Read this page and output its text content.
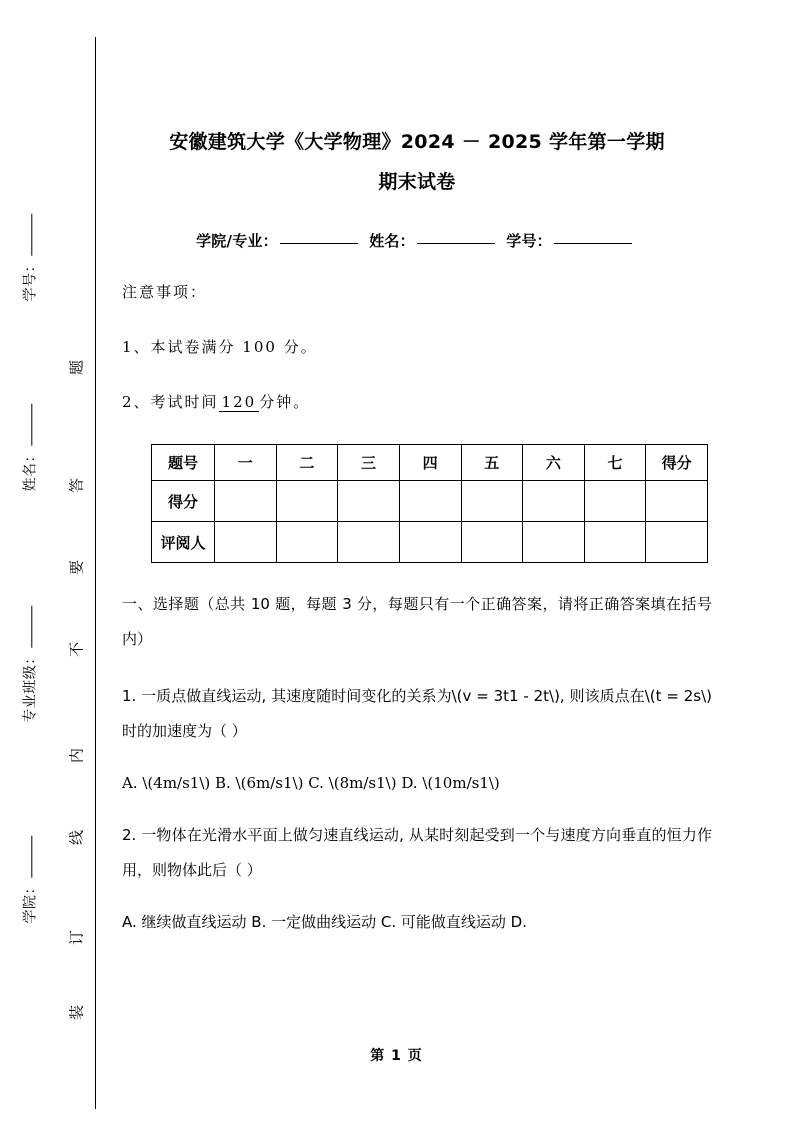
题
答
要
不
内
线
订
装
学号：
姓名：
专业班级：
学院：
安徽建筑大学《大学物理》2024 － 2025 学年第一学期
期末试卷
学院/专业：	姓名：	学号：

注意事项：

1、本试卷满分 100 分。

2、考试时间 120 分钟。

题号	一	二	三	四	五	六	七	得分
得分								
评阅人								

一、选择题（总共 10 题，每题 3 分，每题只有一个正确答案，请将正确答案填在括号内）

1. 一质点做直线运动, 其速度随时间变化的关系为\(v = 3t1 - 2t\), 则该质点在\(t = 2s\)时的加速度为（ ）

A. \(4m/s1\) B. \(6m/s1\) C. \(8m/s1\) D. \(10m/s1\)

2. 一物体在光滑水平面上做匀速直线运动, 从某时刻起受到一个与速度方向垂直的恒力作用，则物体此后（ ）

A. 继续做直线运动 B. 一定做曲线运动 C. 可能做直线运动 D.

第 1 页
